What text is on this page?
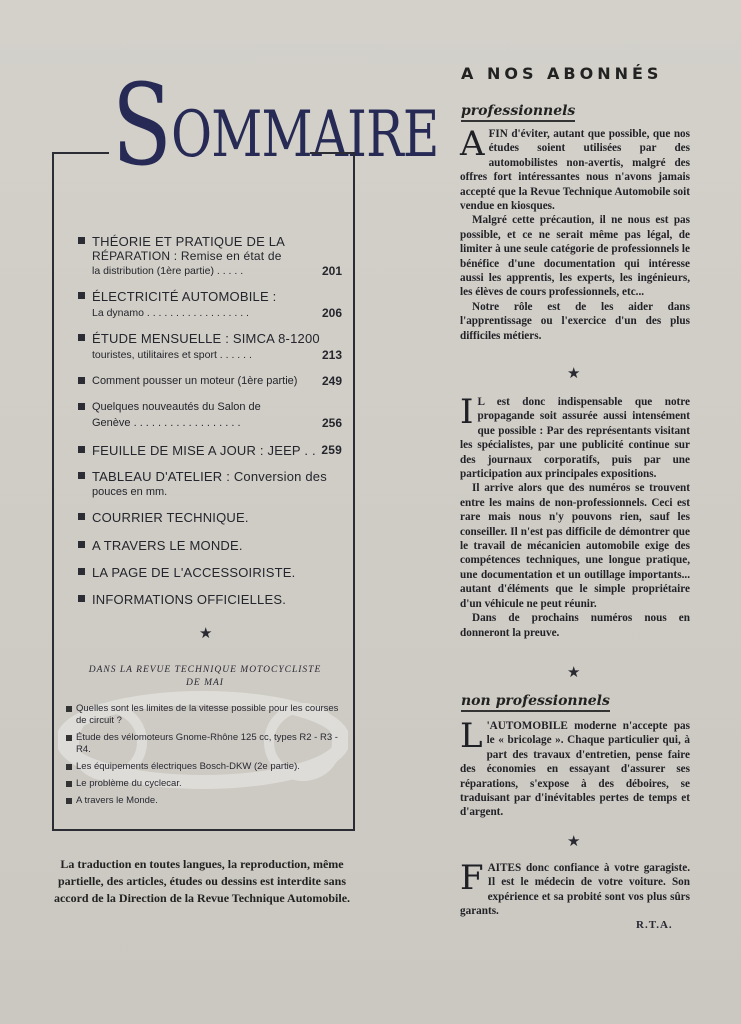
SOMMAIRE
THÉORIE ET PRATIQUE DE LA
RÉPARATION : Remise en état de
la distribution (1ère partie) . . . . .	201
ÉLECTRICITÉ AUTOMOBILE :
La dynamo . . . . . . . . . . . . . . . . . .	206
ÉTUDE MENSUELLE : SIMCA 8-1200
touristes, utilitaires et sport . . . . . .	213
Comment pousser un moteur (1ère partie) 249
Quelques nouveautés du Salon de
Genève . . . . . . . . . . . . . . . . . .	256
FEUILLE DE MISE A JOUR : JEEP . . 259
TABLEAU D'ATELIER : Conversion des
pouces en mm.
COURRIER TECHNIQUE.
A TRAVERS LE MONDE.
LA PAGE DE L'ACCESSOIRISTE.
INFORMATIONS OFFICIELLES.
★
DANS LA REVUE TECHNIQUE MOTOCYCLISTE
DE MAI
Quelles sont les limites de la vitesse possible pour les courses de circuit ?
Étude des vélomoteurs Gnome-Rhône 125 cc, types R2 - R3 - R4.
Les équipements électriques Bosch-DKW (2e partie).
Le problème du cyclecar.
A travers le Monde.
La traduction en toutes langues, la reproduction, même partielle, des articles, études ou dessins est interdite sans accord de la Direction de la Revue Technique Automobile.
A NOS ABONNÉS
professionnels

AFIN d'éviter, autant que possible, que nos études soient utilisées par des automobilistes non-avertis, malgré des offres fort intéressantes nous n'avons jamais accepté que la Revue Technique Automobile soit vendue en kiosques.

Malgré cette précaution, il ne nous est pas possible, et ce ne serait même pas légal, de limiter à une seule catégorie de professionnels le bénéfice d'une documentation qui intéresse aussi les apprentis, les experts, les ingénieurs, les élèves de cours professionnels, etc...

Notre rôle est de les aider dans l'apprentissage ou l'exercice d'un des plus difficiles métiers.

★

I L est donc indispensable que notre propagande soit assurée aussi intensément que possible : Par des représentants visitant les spécialistes, par une publicité continue sur des journaux corporatifs, puis par une participation aux principales expositions.

Il arrive alors que des numéros se trouvent entre les mains de non-professionnels. Ceci est rare mais nous n'y pouvons rien, sauf les conseiller. Il n'est pas difficile de démontrer que le travail de mécanicien automobile exige des compétences techniques, une longue pratique, une documentation et un outillage importants... autant d'éléments que le simple propriétaire d'un véhicule ne peut réunir.

Dans de prochains numéros nous en donneront la preuve.

★
non professionnels

L 'AUTOMOBILE moderne n'accepte pas le « bricolage ». Chaque particulier qui, à part des travaux d'entretien, pense faire des économies en essayant d'assurer ses réparations, s'expose à des déboires, se traduisant par d'inévitables pertes de temps et d'argent.

★

FAITES donc confiance à votre garagiste. Il est le médecin de votre voiture. Son expérience et sa probité sont vos plus sûrs garants.

R.T.A.
